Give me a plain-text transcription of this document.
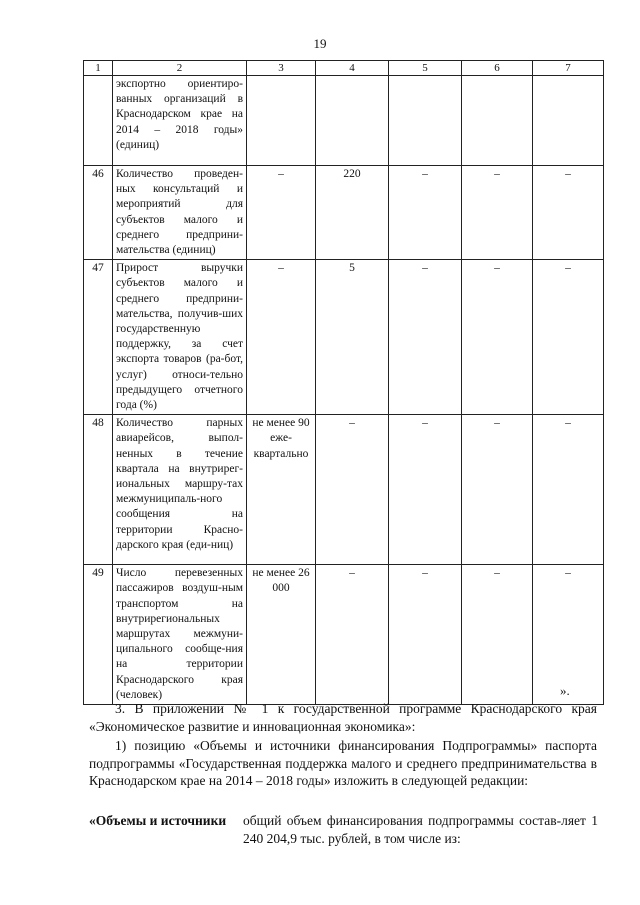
19
1	2	3	4	5	6	7
	экспортно ориентиро-ванных организаций в Краснодарском крае на 2014 – 2018 годы» (единиц)					
46	Количество проведен-ных консультаций и мероприятий для субъектов малого и среднего предприни-мательства (единиц)	–	220	–	–	–
47	Прирост выручки субъектов малого и среднего предприни-мательства, получив-ших государственную поддержку, за счет экспорта товаров (ра-бот, услуг) относи-тельно предыдущего отчетного года (%)	–	5	–	–	–
48	Количество парных авиарейсов, выпол-ненных в течение квартала на внутрирег-иональных маршру-тах межмуниципаль-ного сообщения на территории Красно-дарского края (еди-ниц)	не менее 90 еже-квартально	–	–	–	–
49	Число перевезенных пассажиров воздуш-ным транспортом на внутрирегиональных маршрутах межмуни-ципального сообще-ния на территории Краснодарского края (человек)	не менее 26 000	–	–	–	–
».
3. В приложении № 1 к государственной программе Краснодарского края «Экономическое развитие и инновационная экономика»:
1) позицию «Объемы и источники финансирования Подпрограммы» паспорта подпрограммы «Государственная поддержка малого и среднего предпринимательства в Краснодарском крае на 2014 – 2018 годы» изложить в следующей редакции:
«Объемы и источники общий объем финансирования подпрограммы состав-ляет 1 240 204,9 тыс. рублей, в том числе из:
